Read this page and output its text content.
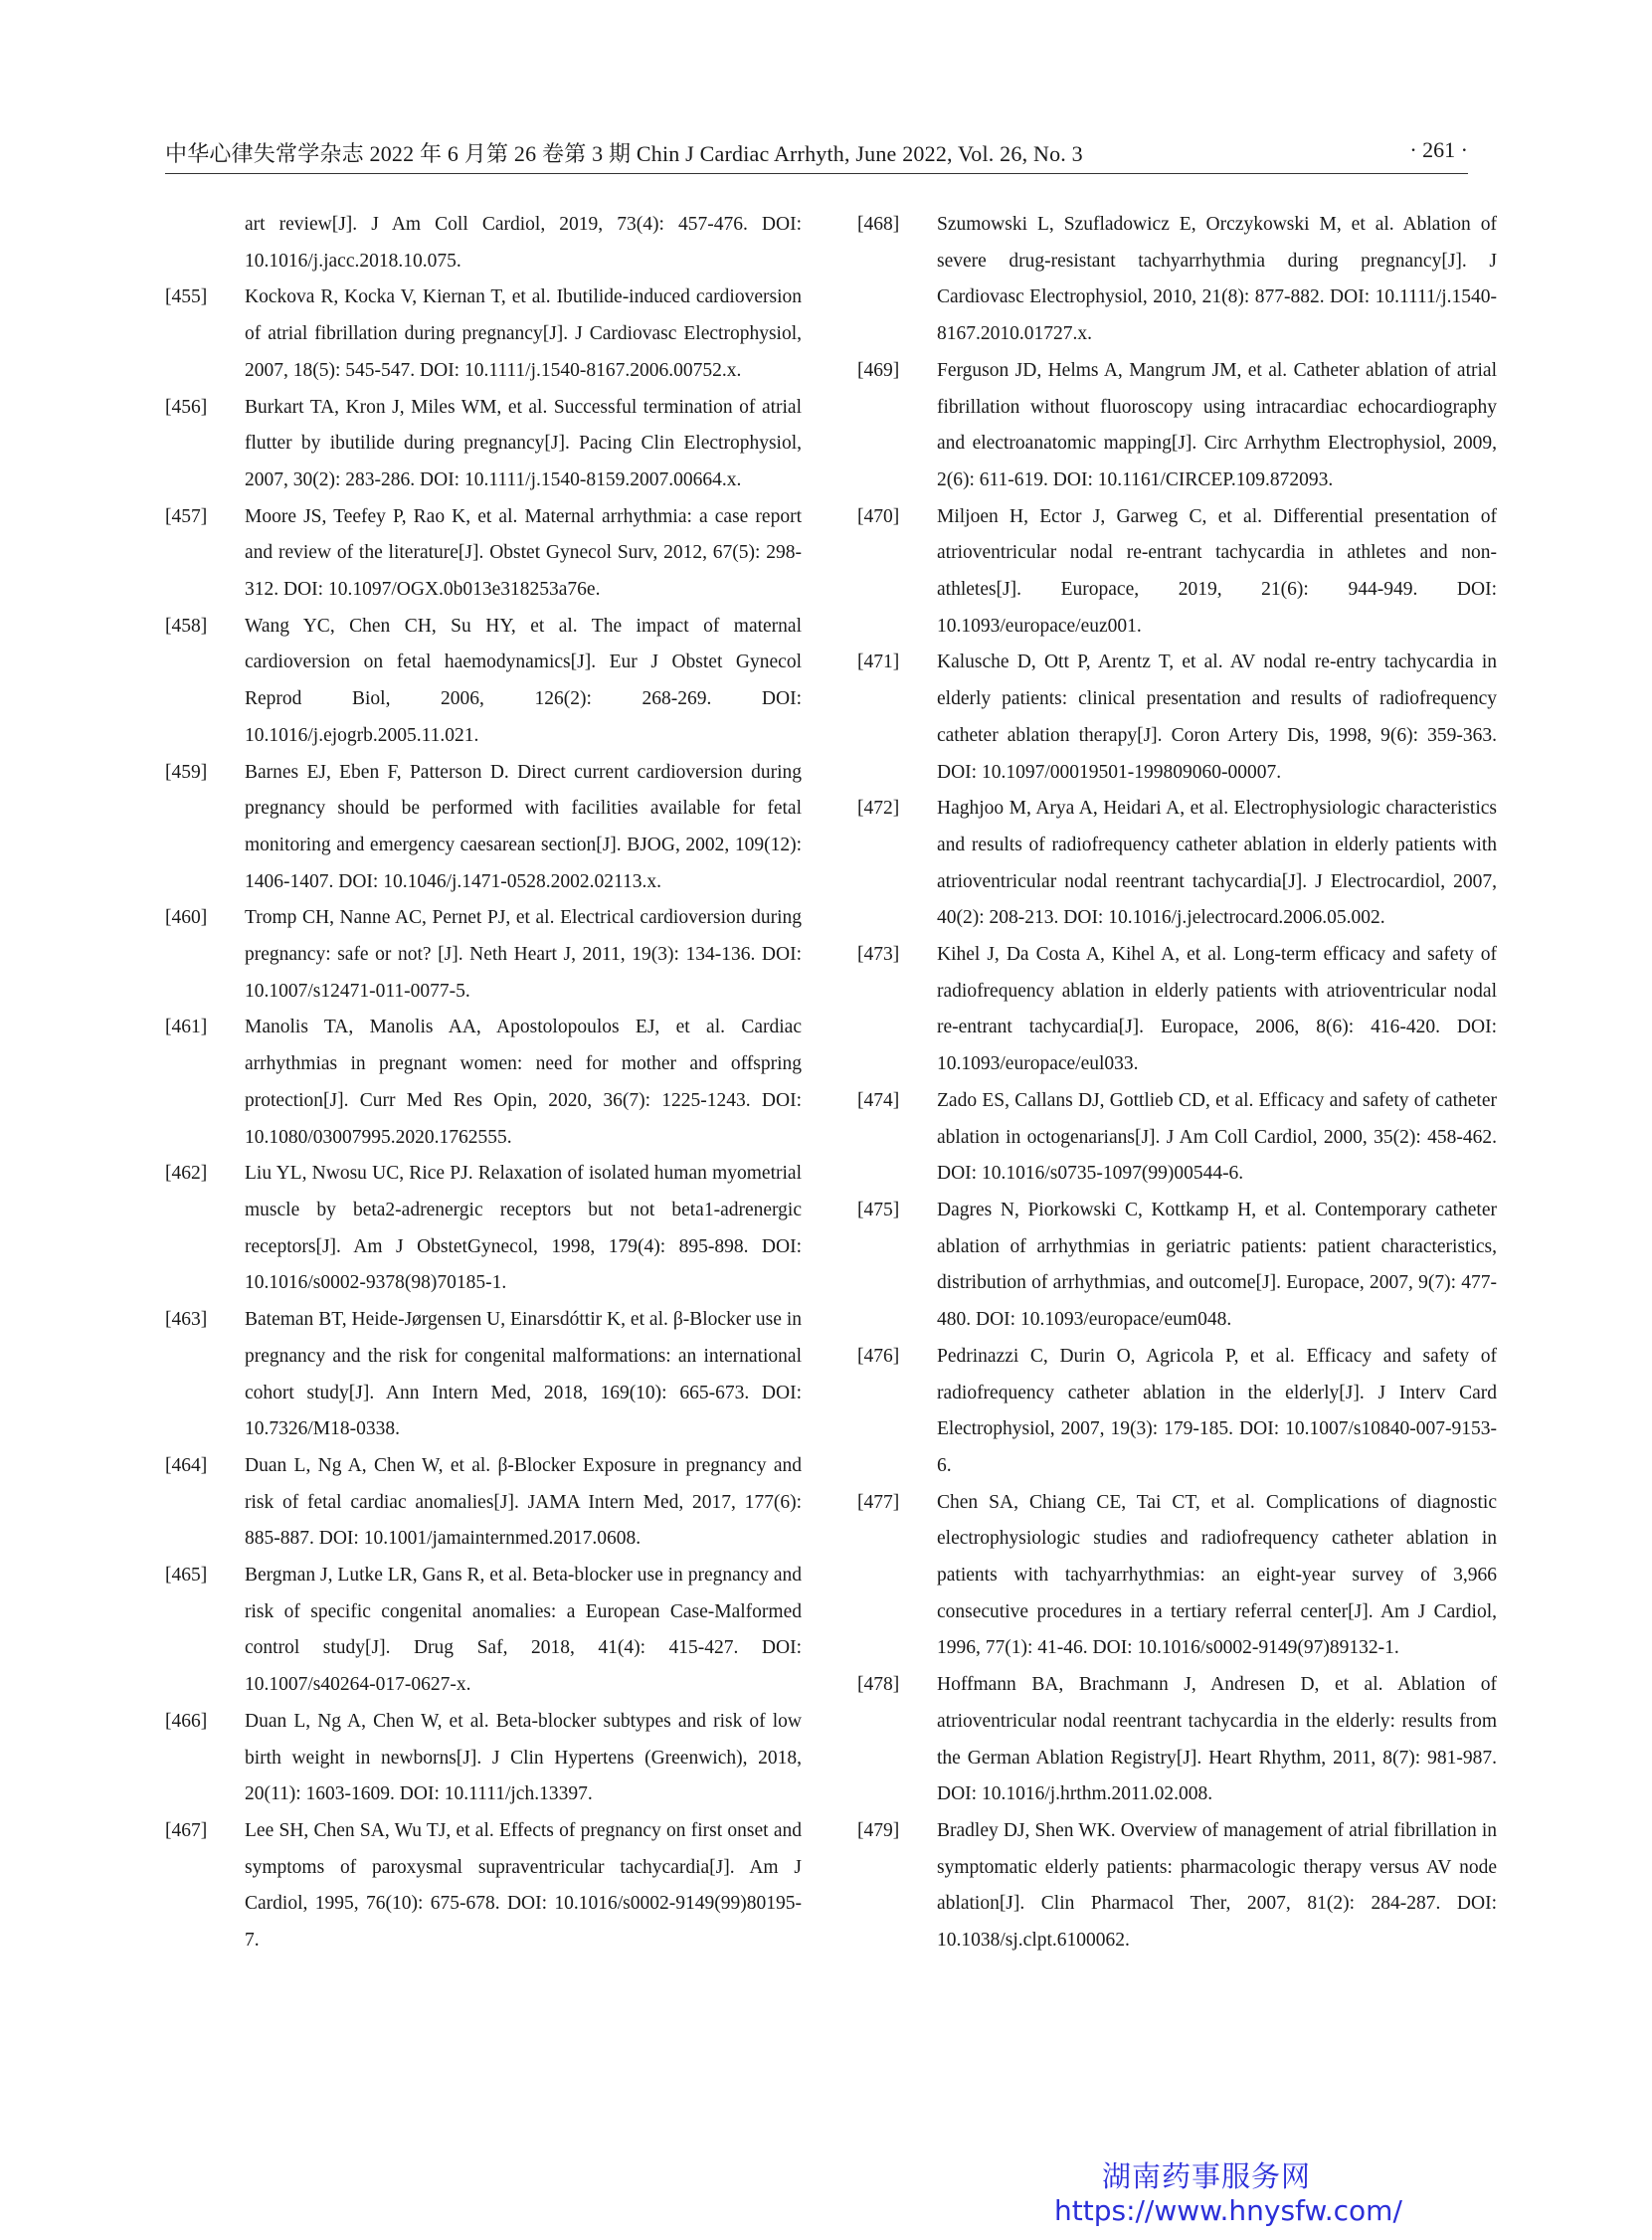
中华心律失常学杂志 2022 年 6 月第 26 卷第 3 期 Chin J Cardiac Arrhyth, June 2022, Vol. 26, No. 3	· 261 ·
art review[J]. J Am Coll Cardiol, 2019, 73(4): 457-476. DOI: 10.1016/j.jacc.2018.10.075.
[455]	Kockova R, Kocka V, Kiernan T, et al. Ibutilide-induced cardioversion of atrial fibrillation during pregnancy[J]. J Cardiovasc Electrophysiol, 2007, 18(5): 545-547. DOI: 10.1111/j.1540-8167.2006.00752.x.
[456]	Burkart TA, Kron J, Miles WM, et al. Successful termination of atrial flutter by ibutilide during pregnancy[J]. Pacing Clin Electrophysiol, 2007, 30(2): 283-286. DOI: 10.1111/j.1540-8159.2007.00664.x.
[457]	Moore JS, Teefey P, Rao K, et al. Maternal arrhythmia: a case report and review of the literature[J]. Obstet Gynecol Surv, 2012, 67(5): 298-312. DOI: 10.1097/OGX.0b013e318253a76e.
[458]	Wang YC, Chen CH, Su HY, et al. The impact of maternal cardioversion on fetal haemodynamics[J]. Eur J Obstet Gynecol Reprod Biol, 2006, 126(2): 268-269. DOI: 10.1016/j.ejogrb.2005.11.021.
[459]	Barnes EJ, Eben F, Patterson D. Direct current cardioversion during pregnancy should be performed with facilities available for fetal monitoring and emergency caesarean section[J]. BJOG, 2002, 109(12): 1406-1407. DOI: 10.1046/j.1471-0528.2002.02113.x.
[460]	Tromp CH, Nanne AC, Pernet PJ, et al. Electrical cardioversion during pregnancy: safe or not? [J]. Neth Heart J, 2011, 19(3): 134-136. DOI: 10.1007/s12471-011-0077-5.
[461]	Manolis TA, Manolis AA, Apostolopoulos EJ, et al. Cardiac arrhythmias in pregnant women: need for mother and offspring protection[J]. Curr Med Res Opin, 2020, 36(7): 1225-1243. DOI: 10.1080/03007995.2020.1762555.
[462]	Liu YL, Nwosu UC, Rice PJ. Relaxation of isolated human myometrial muscle by beta2-adrenergic receptors but not beta1-adrenergic receptors[J]. Am J ObstetGynecol, 1998, 179(4): 895-898. DOI: 10.1016/s0002-9378(98)70185-1.
[463]	Bateman BT, Heide-Jørgensen U, Einarsdóttir K, et al. β-Blocker use in pregnancy and the risk for congenital malformations: an international cohort study[J]. Ann Intern Med, 2018, 169(10): 665-673. DOI: 10.7326/M18-0338.
[464]	Duan L, Ng A, Chen W, et al. β-Blocker Exposure in pregnancy and risk of fetal cardiac anomalies[J]. JAMA Intern Med, 2017, 177(6): 885-887. DOI: 10.1001/jamainternmed.2017.0608.
[465]	Bergman J, Lutke LR, Gans R, et al. Beta-blocker use in pregnancy and risk of specific congenital anomalies: a European Case-Malformed control study[J]. Drug Saf, 2018, 41(4): 415-427. DOI: 10.1007/s40264-017-0627-x.
[466]	Duan L, Ng A, Chen W, et al. Beta-blocker subtypes and risk of low birth weight in newborns[J]. J Clin Hypertens (Greenwich), 2018, 20(11): 1603-1609. DOI: 10.1111/jch.13397.
[467]	Lee SH, Chen SA, Wu TJ, et al. Effects of pregnancy on first onset and symptoms of paroxysmal supraventricular tachycardia[J]. Am J Cardiol, 1995, 76(10): 675-678. DOI: 10.1016/s0002-9149(99)80195-7.
[468]	Szumowski L, Szufladowicz E, Orczykowski M, et al. Ablation of severe drug-resistant tachyarrhythmia during pregnancy[J]. J Cardiovasc Electrophysiol, 2010, 21(8): 877-882. DOI: 10.1111/j.1540-8167.2010.01727.x.
[469]	Ferguson JD, Helms A, Mangrum JM, et al. Catheter ablation of atrial fibrillation without fluoroscopy using intracardiac echocardiography and electroanatomic mapping[J]. Circ Arrhythm Electrophysiol, 2009, 2(6): 611-619. DOI: 10.1161/CIRCEP.109.872093.
[470]	Miljoen H, Ector J, Garweg C, et al. Differential presentation of atrioventricular nodal re-entrant tachycardia in athletes and non-athletes[J]. Europace, 2019, 21(6): 944-949. DOI: 10.1093/europace/euz001.
[471]	Kalusche D, Ott P, Arentz T, et al. AV nodal re-entry tachycardia in elderly patients: clinical presentation and results of radiofrequency catheter ablation therapy[J]. Coron Artery Dis, 1998, 9(6): 359-363. DOI: 10.1097/00019501-199809060-00007.
[472]	Haghjoo M, Arya A, Heidari A, et al. Electrophysiologic characteristics and results of radiofrequency catheter ablation in elderly patients with atrioventricular nodal reentrant tachycardia[J]. J Electrocardiol, 2007, 40(2): 208-213. DOI: 10.1016/j.jelectrocard.2006.05.002.
[473]	Kihel J, Da Costa A, Kihel A, et al. Long-term efficacy and safety of radiofrequency ablation in elderly patients with atrioventricular nodal re-entrant tachycardia[J]. Europace, 2006, 8(6): 416-420. DOI: 10.1093/europace/eul033.
[474]	Zado ES, Callans DJ, Gottlieb CD, et al. Efficacy and safety of catheter ablation in octogenarians[J]. J Am Coll Cardiol, 2000, 35(2): 458-462. DOI: 10.1016/s0735-1097(99)00544-6.
[475]	Dagres N, Piorkowski C, Kottkamp H, et al. Contemporary catheter ablation of arrhythmias in geriatric patients: patient characteristics, distribution of arrhythmias, and outcome[J]. Europace, 2007, 9(7): 477-480. DOI: 10.1093/europace/eum048.
[476]	Pedrinazzi C, Durin O, Agricola P, et al. Efficacy and safety of radiofrequency catheter ablation in the elderly[J]. J Interv Card Electrophysiol, 2007, 19(3): 179-185. DOI: 10.1007/s10840-007-9153-6.
[477]	Chen SA, Chiang CE, Tai CT, et al. Complications of diagnostic electrophysiologic studies and radiofrequency catheter ablation in patients with tachyarrhythmias: an eight-year survey of 3,966 consecutive procedures in a tertiary referral center[J]. Am J Cardiol, 1996, 77(1): 41-46. DOI: 10.1016/s0002-9149(97)89132-1.
[478]	Hoffmann BA, Brachmann J, Andresen D, et al. Ablation of atrioventricular nodal reentrant tachycardia in the elderly: results from the German Ablation Registry[J]. Heart Rhythm, 2011, 8(7): 981-987. DOI: 10.1016/j.hrthm.2011.02.008.
[479]	Bradley DJ, Shen WK. Overview of management of atrial fibrillation in symptomatic elderly patients: pharmacologic therapy versus AV node ablation[J]. Clin Pharmacol Ther, 2007, 81(2): 284-287. DOI: 10.1038/sj.clpt.6100062.
湖南药事服务网
https://www.hnysfw.com/
